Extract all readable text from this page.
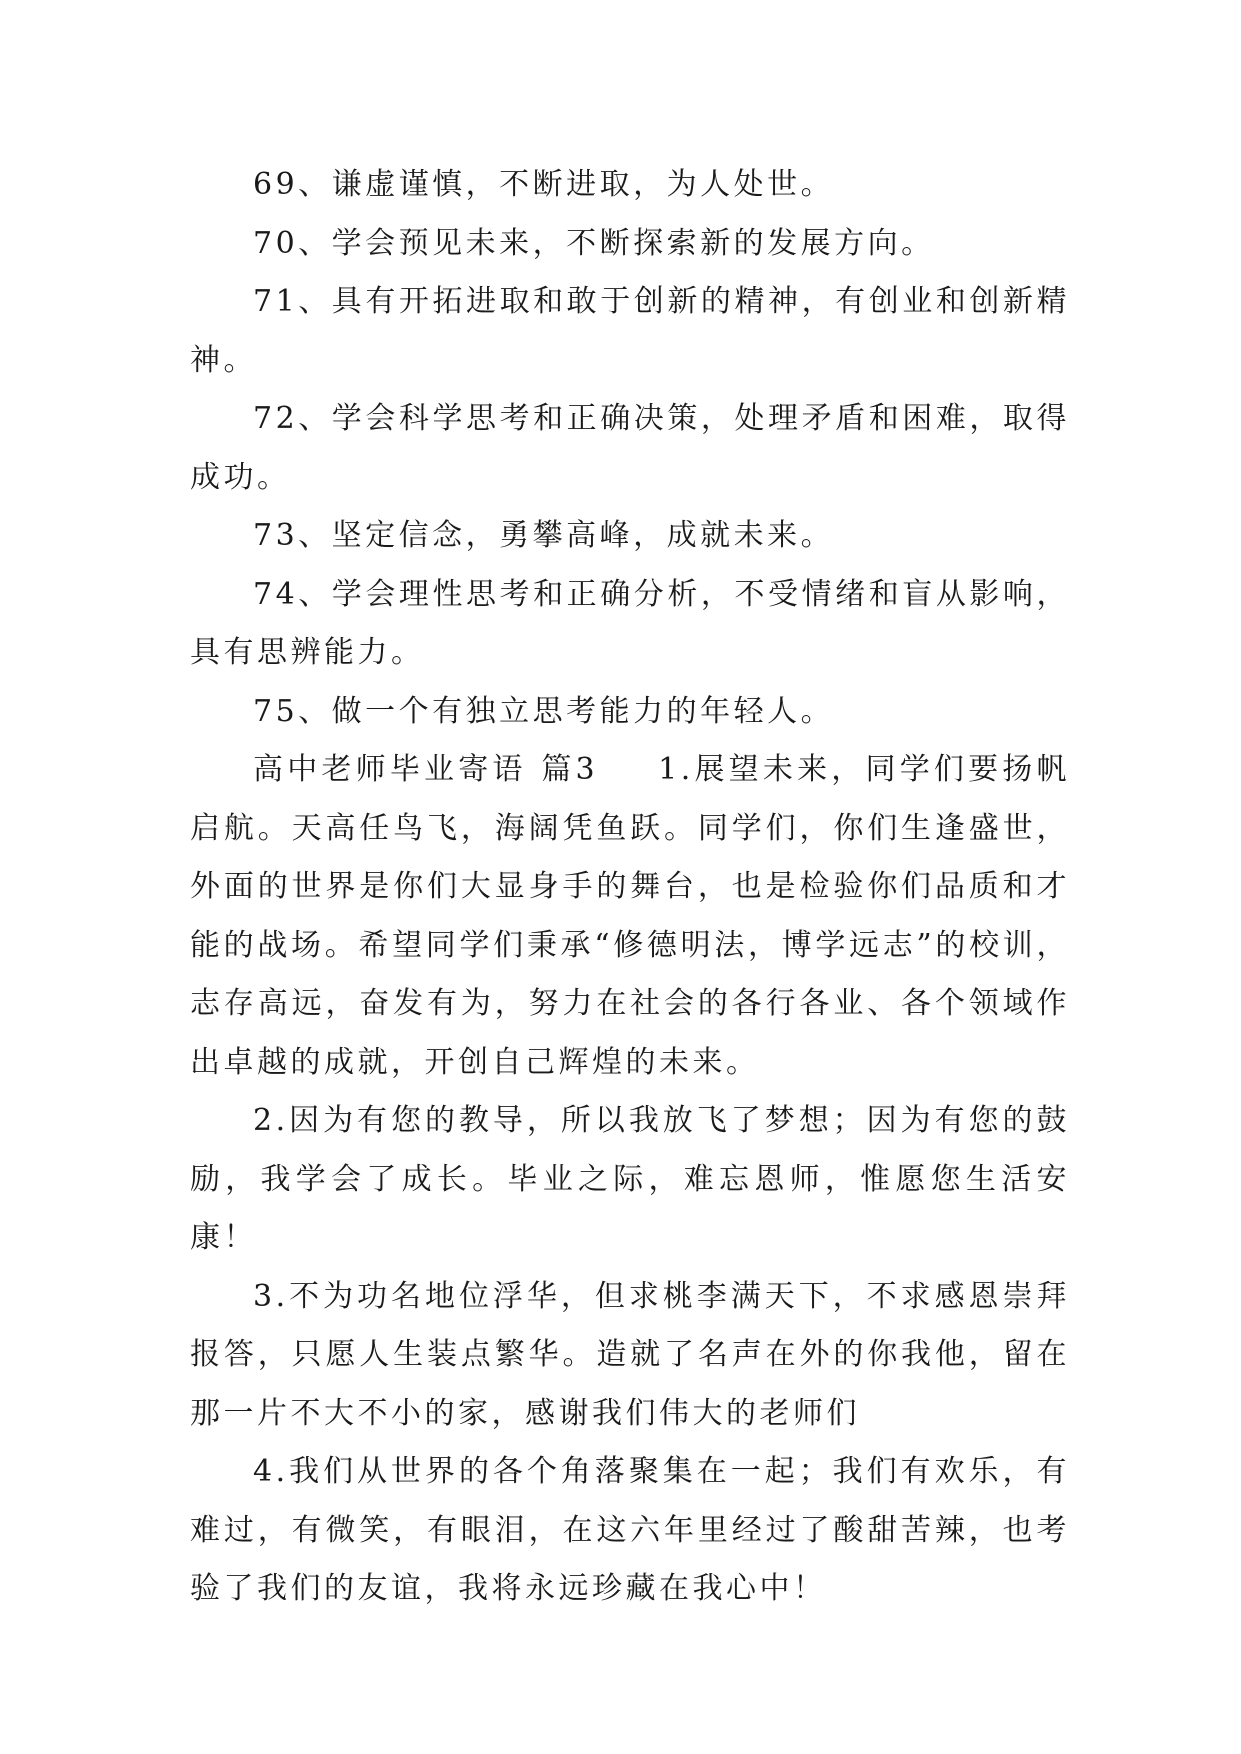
69、谦虚谨慎，不断进取，为人处世。

70、学会预见未来，不断探索新的发展方向。

71、具有开拓进取和敢于创新的精神，有创业和创新精神。

72、学会科学思考和正确决策，处理矛盾和困难，取得成功。

73、坚定信念，勇攀高峰，成就未来。

74、学会理性思考和正确分析，不受情绪和盲从影响，具有思辨能力。

75、做一个有独立思考能力的年轻人。

高中老师毕业寄语 篇3 1.展望未来，同学们要扬帆启航。天高任鸟飞，海阔凭鱼跃。同学们，你们生逢盛世，外面的世界是你们大显身手的舞台，也是检验你们品质和才能的战场。希望同学们秉承“修德明法，博学远志”的校训，志存高远，奋发有为，努力在社会的各行各业、各个领域作出卓越的成就，开创自己辉煌的未来。

2.因为有您的教导，所以我放飞了梦想；因为有您的鼓励，我学会了成长。毕业之际，难忘恩师，惟愿您生活安康！

3.不为功名地位浮华，但求桃李满天下，不求感恩崇拜报答，只愿人生装点繁华。造就了名声在外的你我他，留在那一片不大不小的家，感谢我们伟大的老师们

4.我们从世界的各个角落聚集在一起；我们有欢乐，有难过，有微笑，有眼泪，在这六年里经过了酸甜苦辣，也考验了我们的友谊，我将永远珍藏在我心中！
